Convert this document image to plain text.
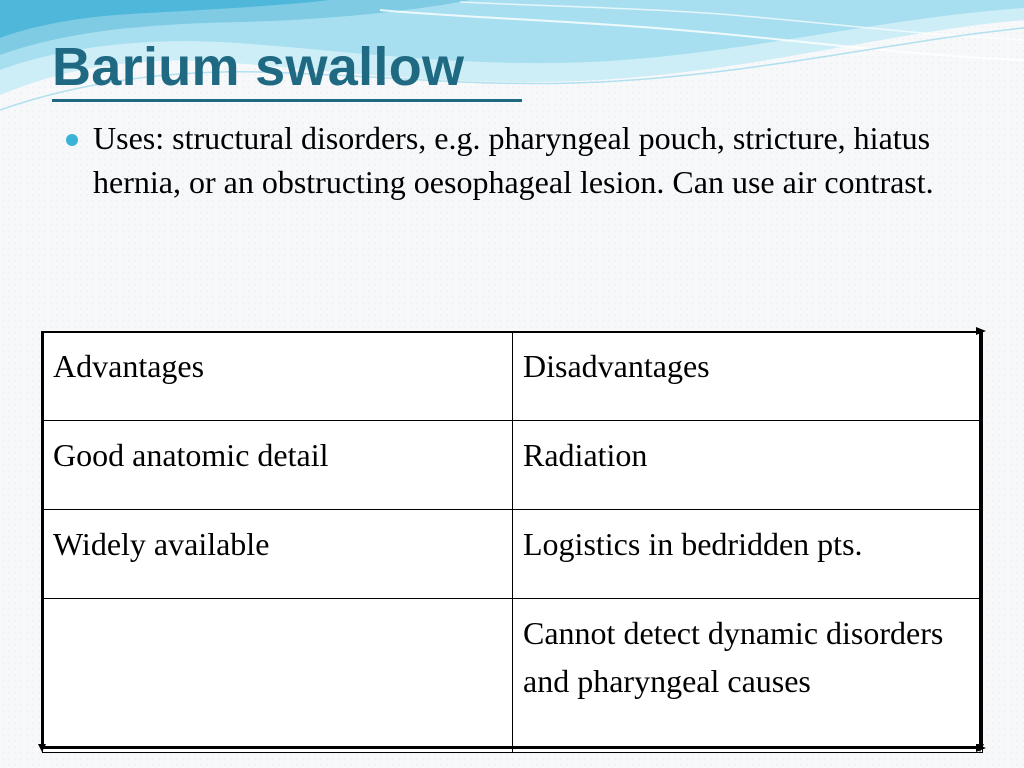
Barium swallow
Uses: structural disorders, e.g. pharyngeal pouch, stricture, hiatus hernia, or an obstructing oesophageal lesion. Can use air contrast.
Advantages	Disadvantages
Good anatomic detail	Radiation
Widely available	Logistics in bedridden pts.
	Cannot detect dynamic disorders and pharyngeal causes
